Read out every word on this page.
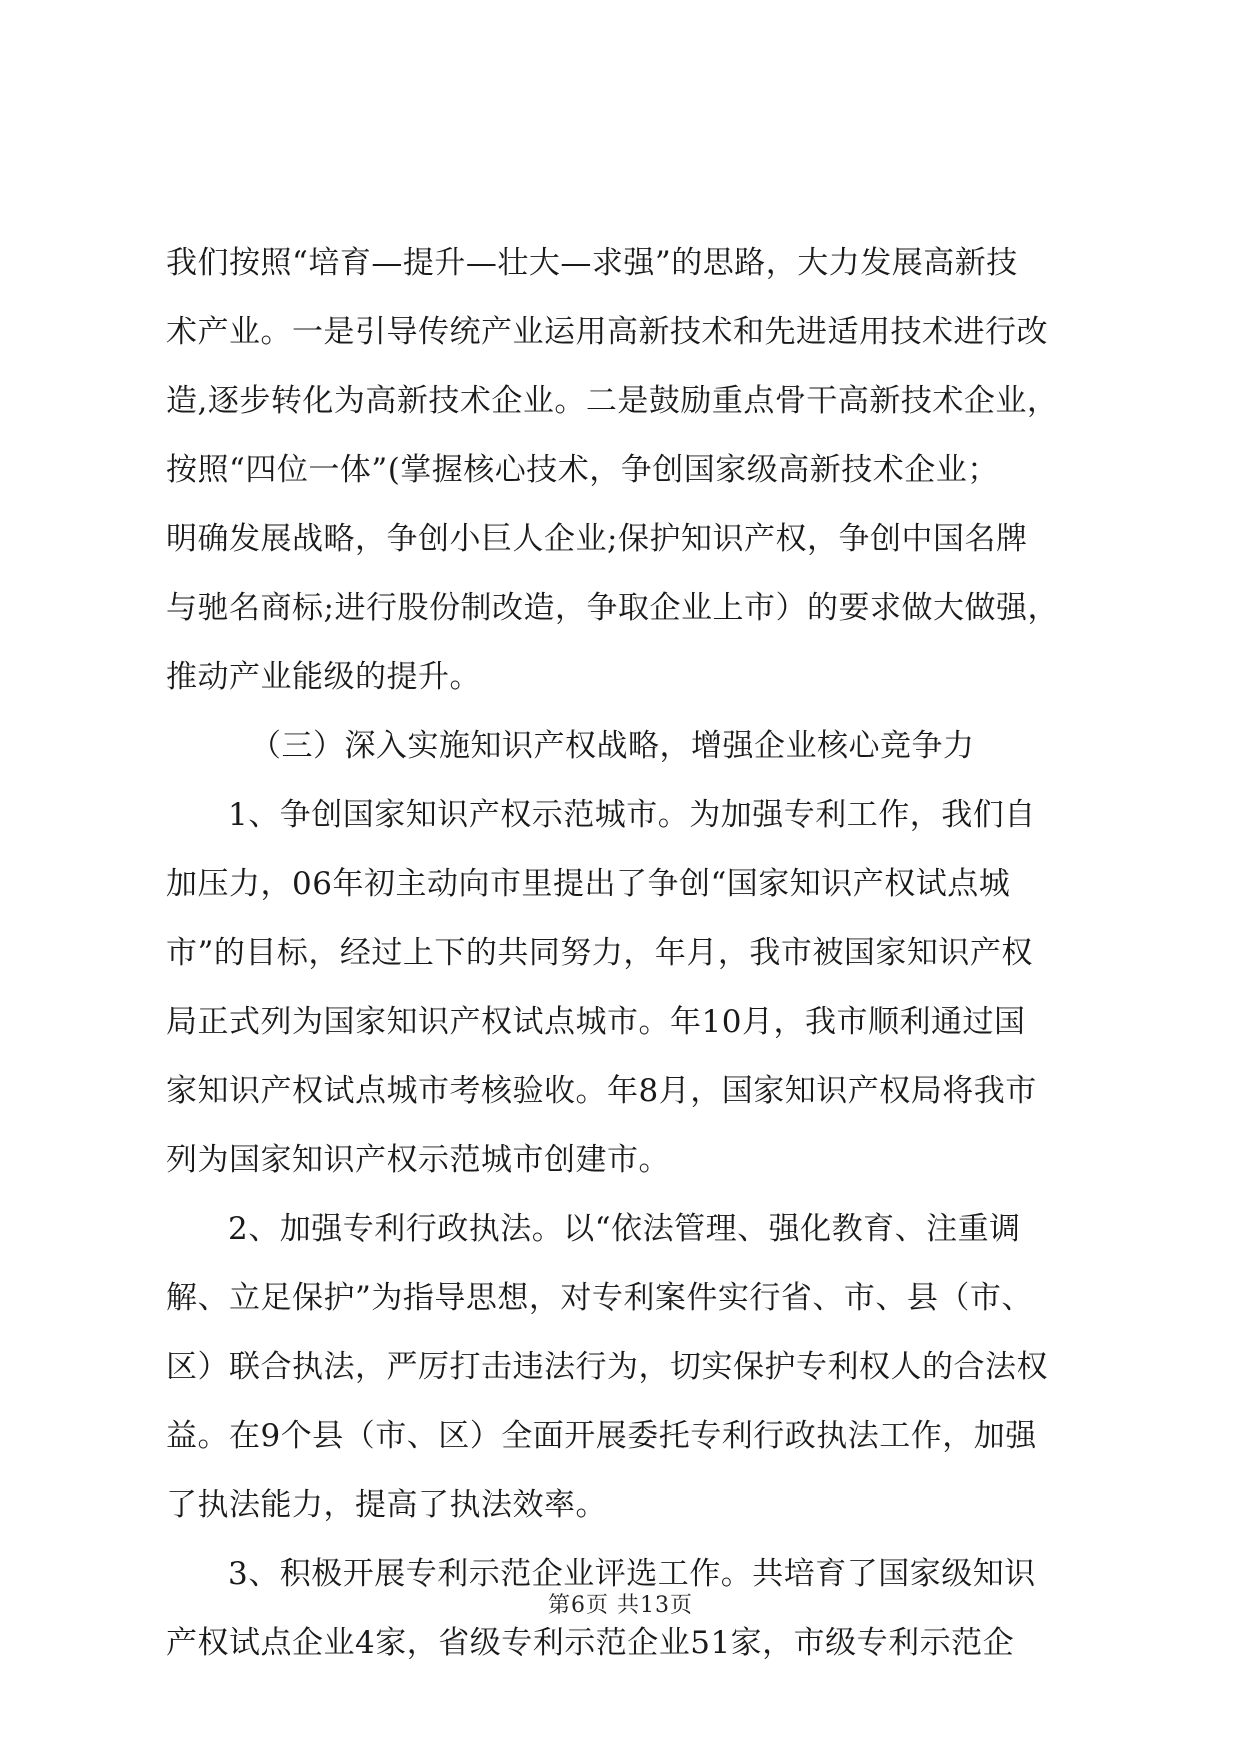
我们按照“培育—提升—壮大—求强”的思路，大力发展高新技
术产业。一是引导传统产业运用高新技术和先进适用技术进行改
造,逐步转化为高新技术企业。二是鼓励重点骨干高新技术企业，
按照“四位一体”(掌握核心技术，争创国家级高新技术企业；
明确发展战略，争创小巨人企业;保护知识产权，争创中国名牌
与驰名商标;进行股份制改造，争取企业上市）的要求做大做强，
推动产业能级的提升。
（三）深入实施知识产权战略，增强企业核心竞争力
1、争创国家知识产权示范城市。为加强专利工作，我们自
加压力，06年初主动向市里提出了争创“国家知识产权试点城
市”的目标，经过上下的共同努力，年月，我市被国家知识产权
局正式列为国家知识产权试点城市。年10月，我市顺利通过国
家知识产权试点城市考核验收。年8月，国家知识产权局将我市
列为国家知识产权示范城市创建市。
2、加强专利行政执法。以“依法管理、强化教育、注重调
解、立足保护”为指导思想，对专利案件实行省、市、县（市、
区）联合执法，严厉打击违法行为，切实保护专利权人的合法权
益。在9个县（市、区）全面开展委托专利行政执法工作，加强
了执法能力，提高了执法效率。
3、积极开展专利示范企业评选工作。共培育了国家级知识
产权试点企业4家，省级专利示范企业51家，市级专利示范企
第6页 共13页
